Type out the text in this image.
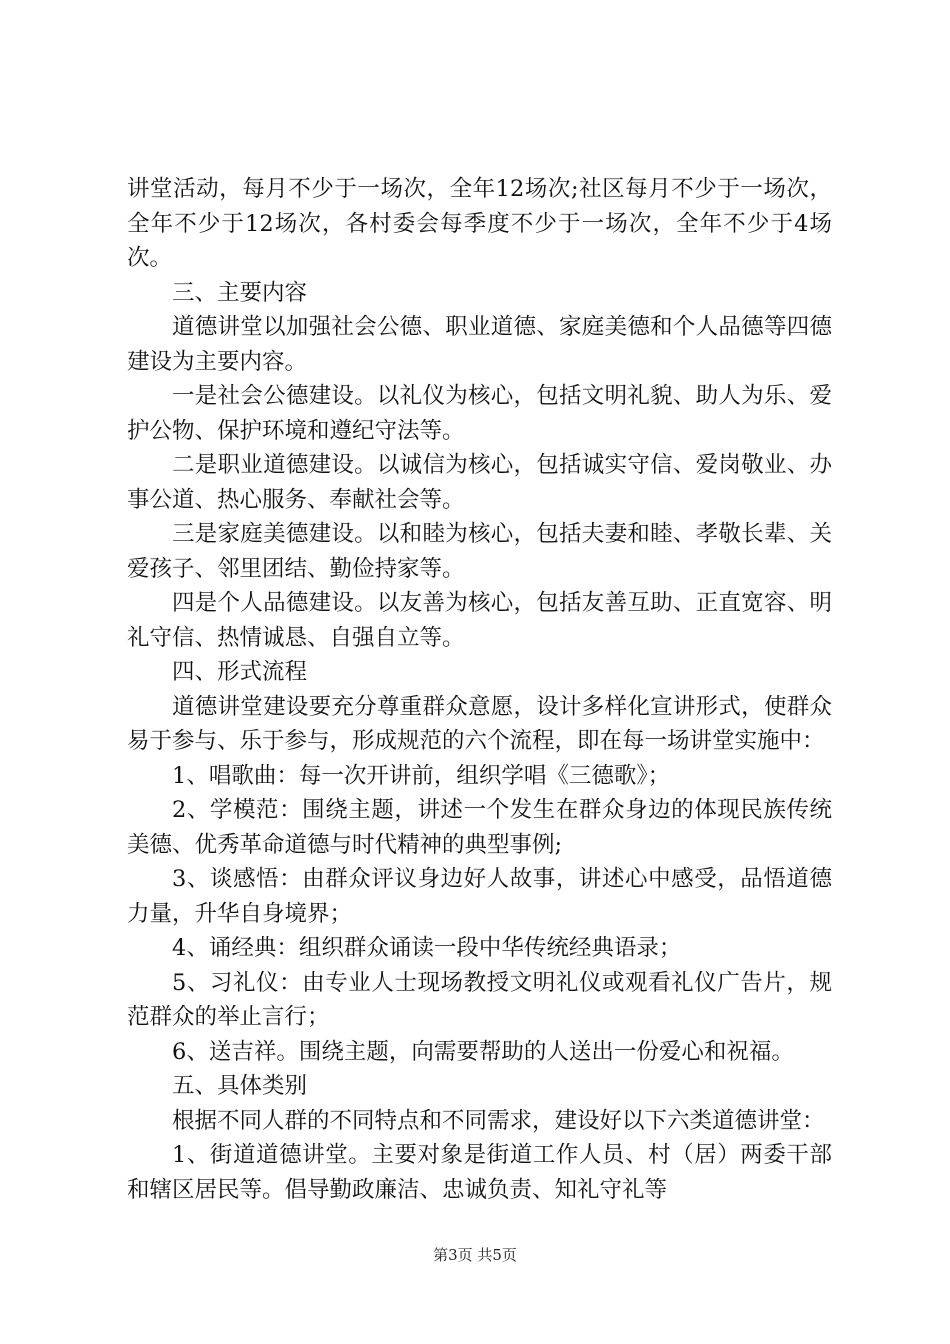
讲堂活动，每月不少于一场次，全年12场次;社区每月不少于一场次，全年不少于12场次，各村委会每季度不少于一场次，全年不少于4场次。

三、主要内容

道德讲堂以加强社会公德、职业道德、家庭美德和个人品德等四德建设为主要内容。

一是社会公德建设。以礼仪为核心，包括文明礼貌、助人为乐、爱护公物、保护环境和遵纪守法等。

二是职业道德建设。以诚信为核心，包括诚实守信、爱岗敬业、办事公道、热心服务、奉献社会等。

三是家庭美德建设。以和睦为核心，包括夫妻和睦、孝敬长辈、关爱孩子、邻里团结、勤俭持家等。

四是个人品德建设。以友善为核心，包括友善互助、正直宽容、明礼守信、热情诚恳、自强自立等。

四、形式流程

道德讲堂建设要充分尊重群众意愿，设计多样化宣讲形式，使群众易于参与、乐于参与，形成规范的六个流程，即在每一场讲堂实施中：

1、唱歌曲：每一次开讲前，组织学唱《三德歌》；

2、学模范：围绕主题，讲述一个发生在群众身边的体现民族传统美德、优秀革命道德与时代精神的典型事例;

3、谈感悟：由群众评议身边好人故事，讲述心中感受，品悟道德力量，升华自身境界；

4、诵经典：组织群众诵读一段中华传统经典语录；

5、习礼仪：由专业人士现场教授文明礼仪或观看礼仪广告片，规范群众的举止言行；

6、送吉祥。围绕主题，向需要帮助的人送出一份爱心和祝福。

五、具体类别

根据不同人群的不同特点和不同需求，建设好以下六类道德讲堂：

1、街道道德讲堂。主要对象是街道工作人员、村（居）两委干部和辖区居民等。倡导勤政廉洁、忠诚负责、知礼守礼等

第3页 共5页
